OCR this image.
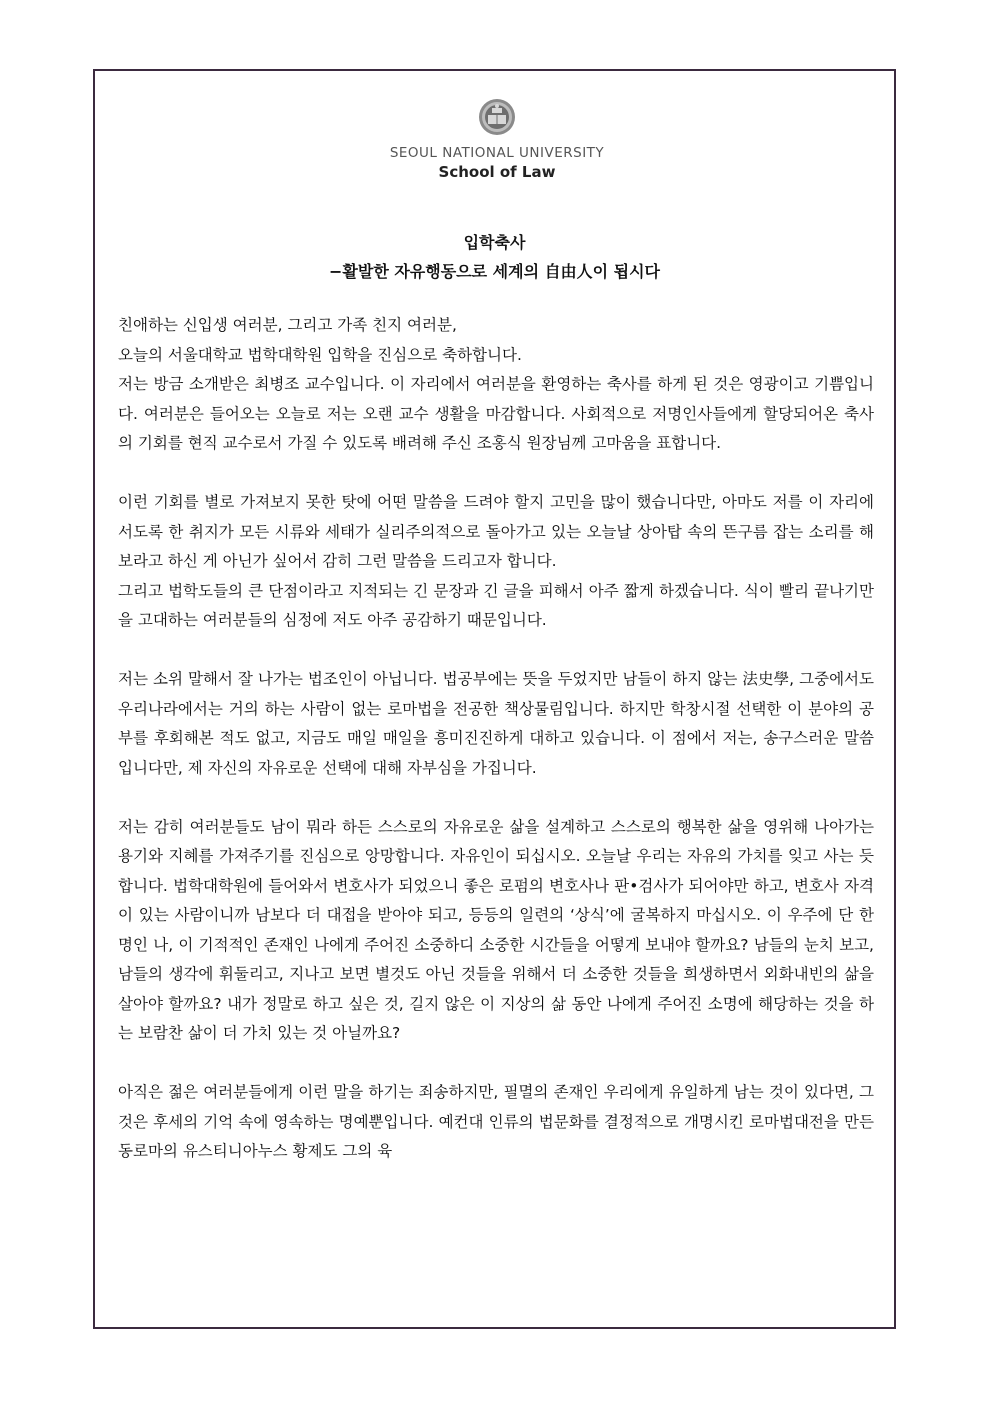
SEOUL NATIONAL UNIVERSITY
School of Law
입학축사
−활발한 자유행동으로 세계의 自由人이 됩시다

친애하는 신입생 여러분, 그리고 가족 친지 여러분,
오늘의 서울대학교 법학대학원 입학을 진심으로 축하합니다.
저는 방금 소개받은 최병조 교수입니다. 이 자리에서 여러분을 환영하는 축사를 하게 된 것은 영광이고 기쁨입니다. 여러분은 들어오는 오늘로 저는 오랜 교수 생활을 마감합니다. 사회적으로 저명인사들에게 할당되어온 축사의 기회를 현직 교수로서 가질 수 있도록 배려해 주신 조홍식 원장님께 고마움을 표합니다.

이런 기회를 별로 가져보지 못한 탓에 어떤 말씀을 드려야 할지 고민을 많이 했습니다만, 아마도 저를 이 자리에 서도록 한 취지가 모든 시류와 세태가 실리주의적으로 돌아가고 있는 오늘날 상아탑 속의 뜬구름 잡는 소리를 해보라고 하신 게 아닌가 싶어서 감히 그런 말씀을 드리고자 합니다.
그리고 법학도들의 큰 단점이라고 지적되는 긴 문장과 긴 글을 피해서 아주 짧게 하겠습니다. 식이 빨리 끝나기만을 고대하는 여러분들의 심정에 저도 아주 공감하기 때문입니다.

저는 소위 말해서 잘 나가는 법조인이 아닙니다. 법공부에는 뜻을 두었지만 남들이 하지 않는 法史學, 그중에서도 우리나라에서는 거의 하는 사람이 없는 로마법을 전공한 책상물림입니다. 하지만 학창시절 선택한 이 분야의 공부를 후회해본 적도 없고, 지금도 매일 매일을 흥미진진하게 대하고 있습니다. 이 점에서 저는, 송구스러운 말씀입니다만, 제 자신의 자유로운 선택에 대해 자부심을 가집니다.

저는 감히 여러분들도 남이 뭐라 하든 스스로의 자유로운 삶을 설계하고 스스로의 행복한 삶을 영위해 나아가는 용기와 지혜를 가져주기를 진심으로 앙망합니다. 자유인이 되십시오. 오늘날 우리는 자유의 가치를 잊고 사는 듯합니다. 법학대학원에 들어와서 변호사가 되었으니 좋은 로펌의 변호사나 판•검사가 되어야만 하고, 변호사 자격이 있는 사람이니까 남보다 더 대접을 받아야 되고, 등등의 일련의 ‘상식’에 굴복하지 마십시오. 이 우주에 단 한 명인 나, 이 기적적인 존재인 나에게 주어진 소중하디 소중한 시간들을 어떻게 보내야 할까요? 남들의 눈치 보고, 남들의 생각에 휘둘리고, 지나고 보면 별것도 아닌 것들을 위해서 더 소중한 것들을 희생하면서 외화내빈의 삶을 살아야 할까요? 내가 정말로 하고 싶은 것, 길지 않은 이 지상의 삶 동안 나에게 주어진 소명에 해당하는 것을 하는 보람찬 삶이 더 가치 있는 것 아닐까요?

아직은 젊은 여러분들에게 이런 말을 하기는 죄송하지만, 필멸의 존재인 우리에게 유일하게 남는 것이 있다면, 그것은 후세의 기억 속에 영속하는 명예뿐입니다. 예컨대 인류의 법문화를 결정적으로 개명시킨 로마법대전을 만든 동로마의 유스티니아누스 황제도 그의 육
